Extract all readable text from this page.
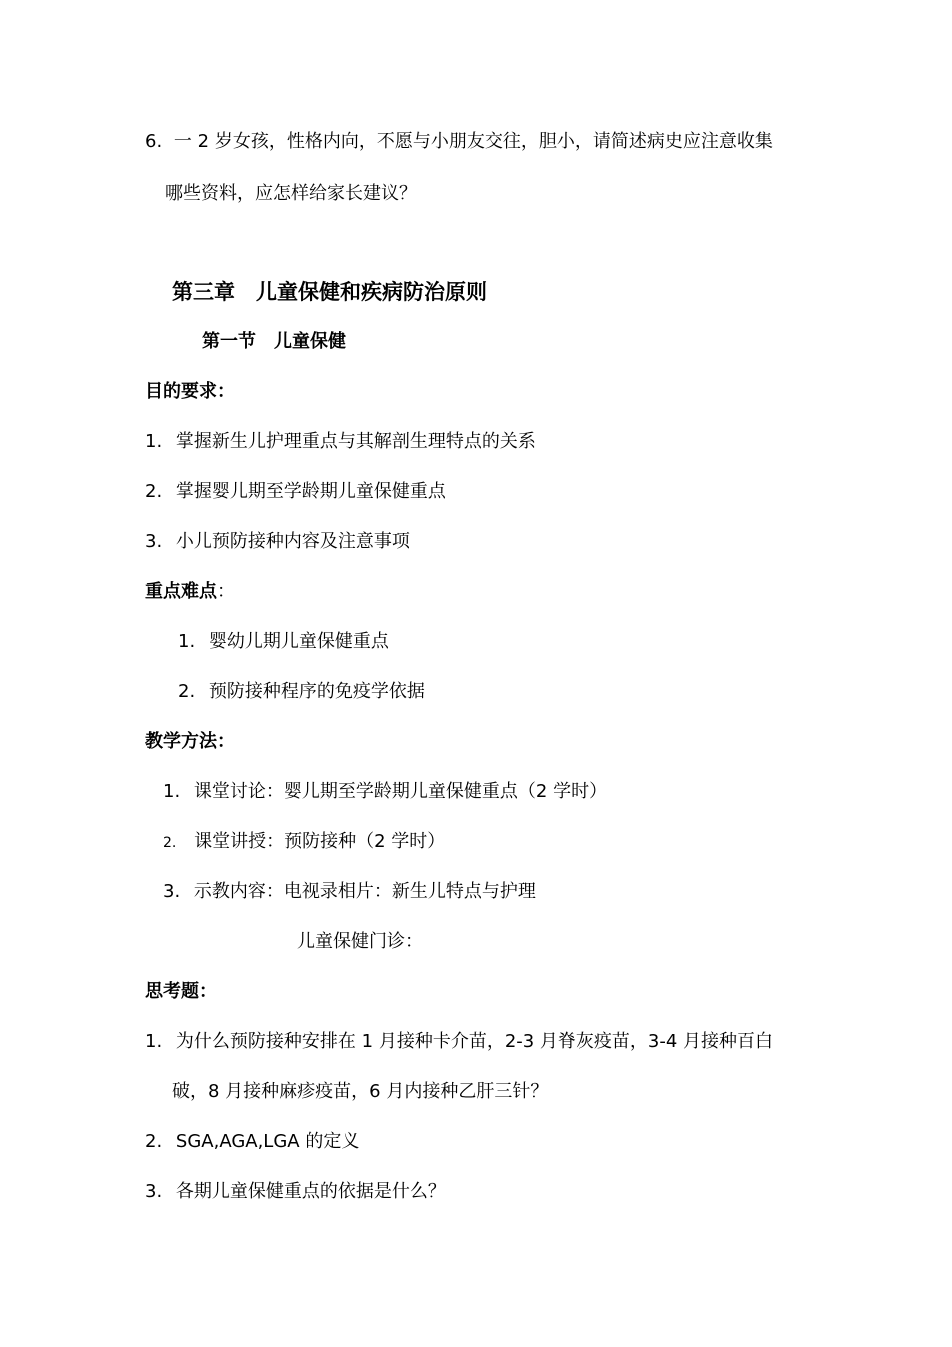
6. 一 2 岁女孩，性格内向，不愿与小朋友交往，胆小，请简述病史应注意收集
哪些资料，应怎样给家长建议？
第三章　儿童保健和疾病防治原则
第一节　儿童保健
目的要求：
1. 掌握新生儿护理重点与其解剖生理特点的关系
2. 掌握婴儿期至学龄期儿童保健重点
3. 小儿预防接种内容及注意事项
重点难点：
1. 婴幼儿期儿童保健重点
2. 预防接种程序的免疫学依据
教学方法：
1. 课堂讨论：婴儿期至学龄期儿童保健重点（2 学时）
2. 课堂讲授：预防接种（2 学时）
3. 示教内容：电视录相片：新生儿特点与护理
儿童保健门诊：
思考题：
1. 为什么预防接种安排在 1 月接种卡介苗，2-3 月脊灰疫苗，3-4 月接种百白
破，8 月接种麻疹疫苗，6 月内接种乙肝三针？
2. SGA,AGA,LGA 的定义
3. 各期儿童保健重点的依据是什么？
